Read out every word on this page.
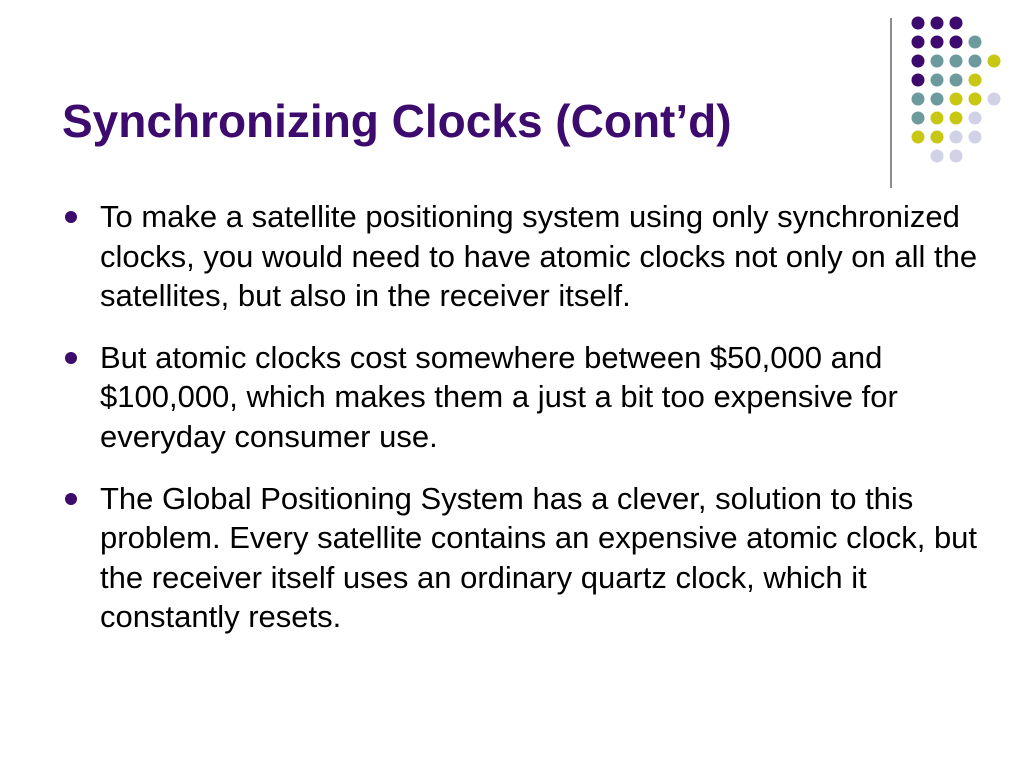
Synchronizing Clocks (Cont’d)
To make a satellite positioning system using only synchronized clocks, you would need to have atomic clocks not only on all the satellites, but also in the receiver itself.
But atomic clocks cost somewhere between $50,000 and $100,000, which makes them a just a bit too expensive for everyday consumer use.
The Global Positioning System has a clever, solution to this problem. Every satellite contains an expensive atomic clock, but the receiver itself uses an ordinary quartz clock, which it constantly resets.
